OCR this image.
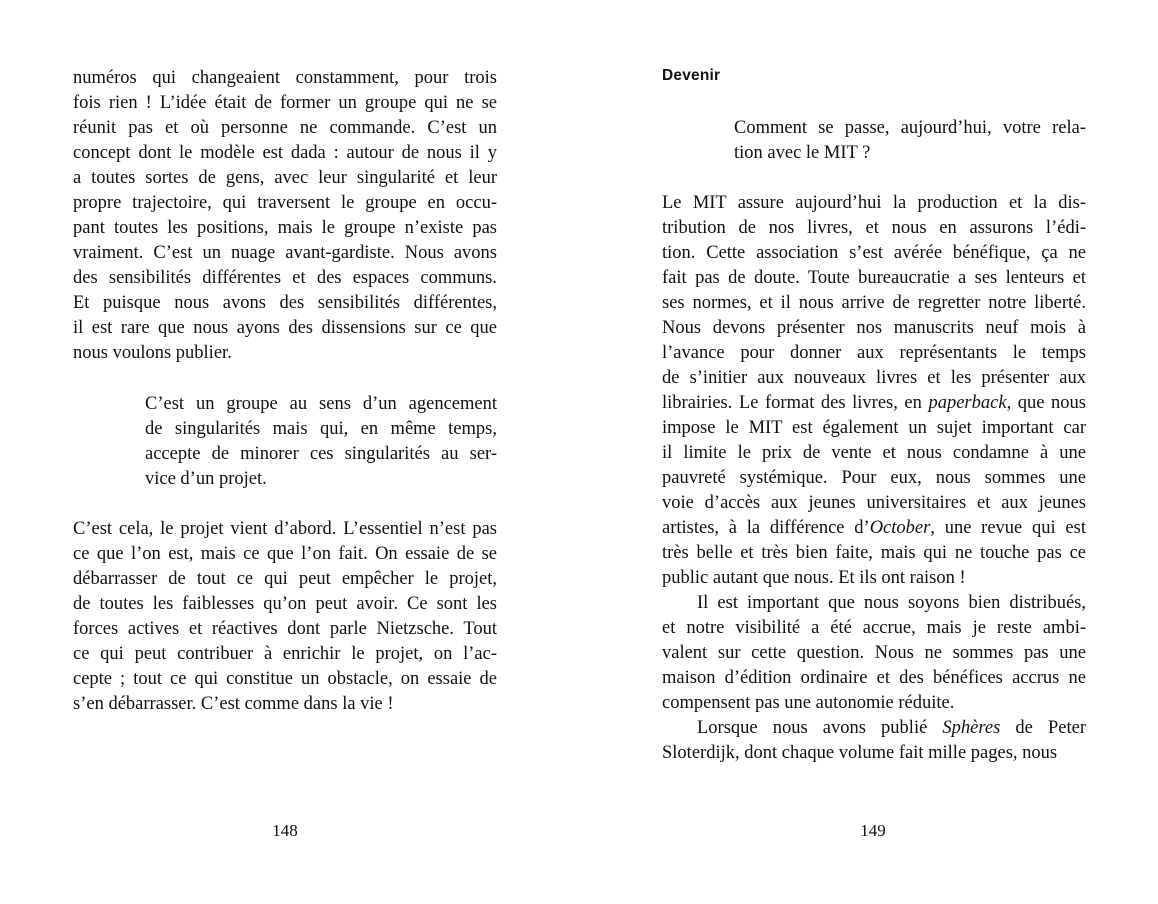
numéros qui changeaient constamment, pour trois
fois rien ! L’idée était de former un groupe qui ne se
réunit pas et où personne ne commande. C’est un
concept dont le modèle est dada : autour de nous il y
a toutes sortes de gens, avec leur singularité et leur
propre trajectoire, qui traversent le groupe en occu-
pant toutes les positions, mais le groupe n’existe pas
vraiment. C’est un nuage avant-gardiste. Nous avons
des sensibilités différentes et des espaces communs.
Et puisque nous avons des sensibilités différentes,
il est rare que nous ayons des dissensions sur ce que
nous voulons publier.
C’est un groupe au sens d’un agencement
de singularités mais qui, en même temps,
accepte de minorer ces singularités au ser-
vice d’un projet.
C’est cela, le projet vient d’abord. L’essentiel n’est pas
ce que l’on est, mais ce que l’on fait. On essaie de se
débarrasser de tout ce qui peut empêcher le projet,
de toutes les faiblesses qu’on peut avoir. Ce sont les
forces actives et réactives dont parle Nietzsche. Tout
ce qui peut contribuer à enrichir le projet, on l’ac-
cepte ; tout ce qui constitue un obstacle, on essaie de
s’en débarrasser. C’est comme dans la vie !
148
Devenir
Comment se passe, aujourd’hui, votre rela-
tion avec le MIT ?
Le MIT assure aujourd’hui la production et la dis-
tribution de nos livres, et nous en assurons l’édi-
tion. Cette association s’est avérée bénéfique, ça ne
fait pas de doute. Toute bureaucratie a ses lenteurs et
ses normes, et il nous arrive de regretter notre liberté.
Nous devons présenter nos manuscrits neuf mois à
l’avance pour donner aux représentants le temps
de s’initier aux nouveaux livres et les présenter aux
librairies. Le format des livres, en paperback, que nous
impose le MIT est également un sujet important car
il limite le prix de vente et nous condamne à une
pauvreté systémique. Pour eux, nous sommes une
voie d’accès aux jeunes universitaires et aux jeunes
artistes, à la différence d’October, une revue qui est
très belle et très bien faite, mais qui ne touche pas ce
public autant que nous. Et ils ont raison !
Il est important que nous soyons bien distribués,
et notre visibilité a été accrue, mais je reste ambi-
valent sur cette question. Nous ne sommes pas une
maison d’édition ordinaire et des bénéfices accrus ne
compensent pas une autonomie réduite.
Lorsque nous avons publié Sphères de Peter
Sloterdijk, dont chaque volume fait mille pages, nous
149
